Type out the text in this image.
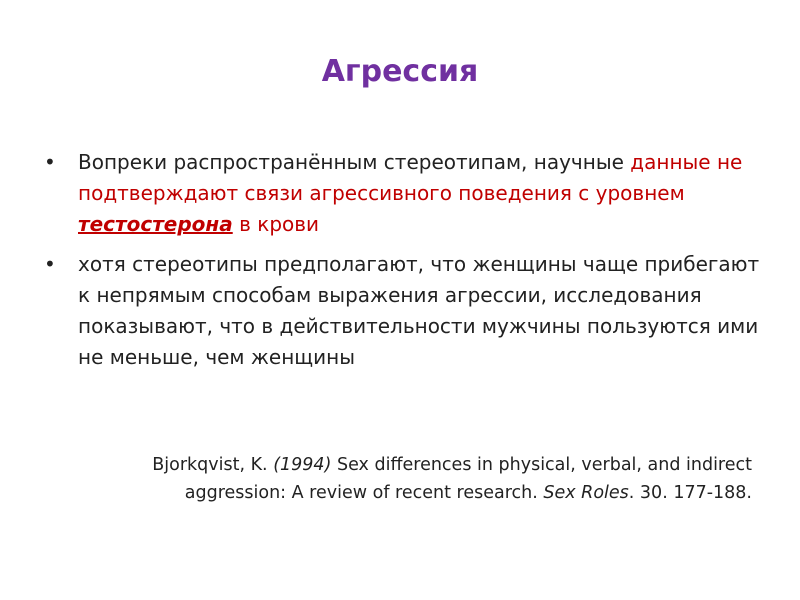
Агрессия
•	Вопреки распространённым стереотипам, научные данные не подтверждают связи агрессивного поведения с уровнем тестостерона в крови
•	хотя стереотипы предполагают, что женщины чаще прибегают к непрямым способам выражения агрессии, исследования показывают, что в действительности мужчины пользуются ими не меньше, чем женщины
Bjorkqvist, K. (1994) Sex differences in physical, verbal, and indirect aggression: A review of recent research. Sex Roles. 30. 177-188.
